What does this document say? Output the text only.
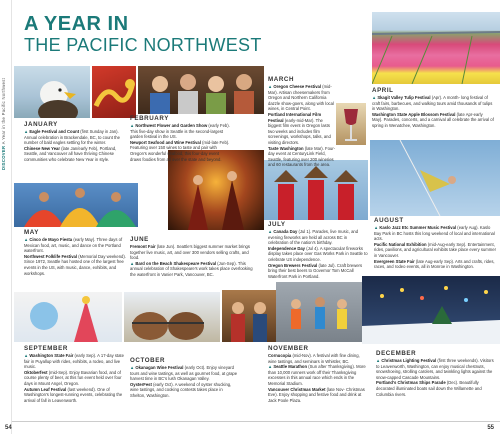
DISCOVER A Year in the Pacific Northwest
A YEAR IN
THE PACIFIC NORTHWEST
JANUARY
▲ Eagle Festival and Count (first Sunday in Jan). Annual celebration in Brackendale, BC, to count the number of bald eagles settling for the winter.
Chinese New Year (late Jan/early Feb), Portland, Seattle, and Vancouver all have thriving Chinese communities who celebrate New Year in style.
FEBRUARY
▲ Northwest Flower and Garden Show (early Feb). This five-day show in Seattle is the second-largest garden festival in the US.
Newport Seafood and Wine Festival (mid-late Feb). Featuring over 150 wines to taste and pair with Oregon's wonderful seafood, this four-day event draws foodies from all over the state and beyond.
MARCH
▲ Oregon Cheese Festival (mid-Mar). Artisan cheesemakers from Oregon and Northern California dazzle show-goers, along with local wines, in Central Point.
Portland International Film Festival (early-mid-Mar). The biggest film event in Oregon lasts two weeks and includes film screenings, workshops, talks, and visiting directors.
Taste Washington (late Mar). Four-day event at CenturyLink Field, Seattle, featuring over 200 wineries and 60 restaurants from the area.
APRIL
▲ Skagit Valley Tulip Festival (Apr). A month- long festival of craft fairs, barbecues, and walking tours amid thousands of tulips in Washington.
Washington State Apple Blossom Festival (late Apr-early May). Parades, concerts, and a carnival all celebrate the arrival of spring in Wenatchee, Washington.
MAY
▲ Cinco de Mayo Fiesta (early May). Three days of Mexican food, art, music, and dance on the Portland waterfront.
Northwest Folklife Festival (Memorial Day weekend). Since 1972, Seattle has hosted one of the largest free events in the US, with music, dance, exhibits, and workshops.
JUNE
Fremont Fair (late Jun). Seattle's biggest summer market brings together live music, art, and over 300 vendors selling crafts, and food.
▲ Bard on the Beach Shakespeare Festival (Jun-Sep). This annual celebration of Shakespeare's work takes place overlooking the waterfront in Vanier Park, Vancouver, BC.
JULY
▲ Canada Day (Jul 1). Parades, live music, and evening fireworks are held all across BC in celebration of the nation's birthday.
Independence Day (Jul 4). A spectacular fireworks display takes place over Gas Works Park in Seattle to celebrate US independence.
Oregon Brewers Festival (late Jul). Craft brewers bring their best beers to Governor Tom McCall Waterfront Park in Portland.
AUGUST
▲ Kaslo Jazz Etc Summer Music Festival (early Aug). Kaslo Bay Park in BC hosts this long weekend of local and international acts.
Pacific National Exhibition (mid-Aug-early Sep). Entertainment, rides, pavilions, and agricultural exhibits take place every summer in Vancouver.
Evergreen State Fair (late Aug-early Sep). Arts and crafts, rides, races, and rodeo events, all in Monroe in Washington.
SEPTEMBER
▲ Washington State Fair (early Sep). A 17-day state fair in Puyallup with rides, exhibits, a rodeo, and live music.
Oktoberfest (mid-Sep). Enjoy Bavarian food, and of course plenty of beer, at this fun event held over four days in Mount Angel, Oregon.
Autumn Leaf Festival (last weekend). One of Washington's longest-running events, celebrating the arrival of fall in Leavenworth.
OCTOBER
▲ Okanagan Wine Festival (early Oct). Enjoy vineyard tours and wine tastings, as well as gourmet food, at grape harvest time in BC's lush Okanagan Valley.
OysterFest (early Oct). A weekend of oyster shucking, wine tastings, and cooking contests takes place in Shelton, Washington.
NOVEMBER
Cornucopia (mid-Nov). A festival with fine dining, wine tastings, and seminars in Whistler, BC.
▲ Seattle Marathon (Sun after Thanksgiving). More than 10,000 runners work off their Thanksgiving excesses in this annual race which ends in the Memorial Stadium.
Vancouver Christmas Market (late Nov- Christmas Eve). Enjoy shopping and festive food and drink at Jack Poole Plaza.
DECEMBER
▲ Christmas Lighting Festival (first three weekends). Visitors to Leavenworth, Washington, can enjoy musical chestnuts, snowshoeing, strolling carolers, and twinkling lights against the snow-capped Cascade Mountains.
Portland's Christmas Ships Parade (Dec). Beautifully decorated illuminated boats sail down the Willamette and Columbia rivers.
54	55
